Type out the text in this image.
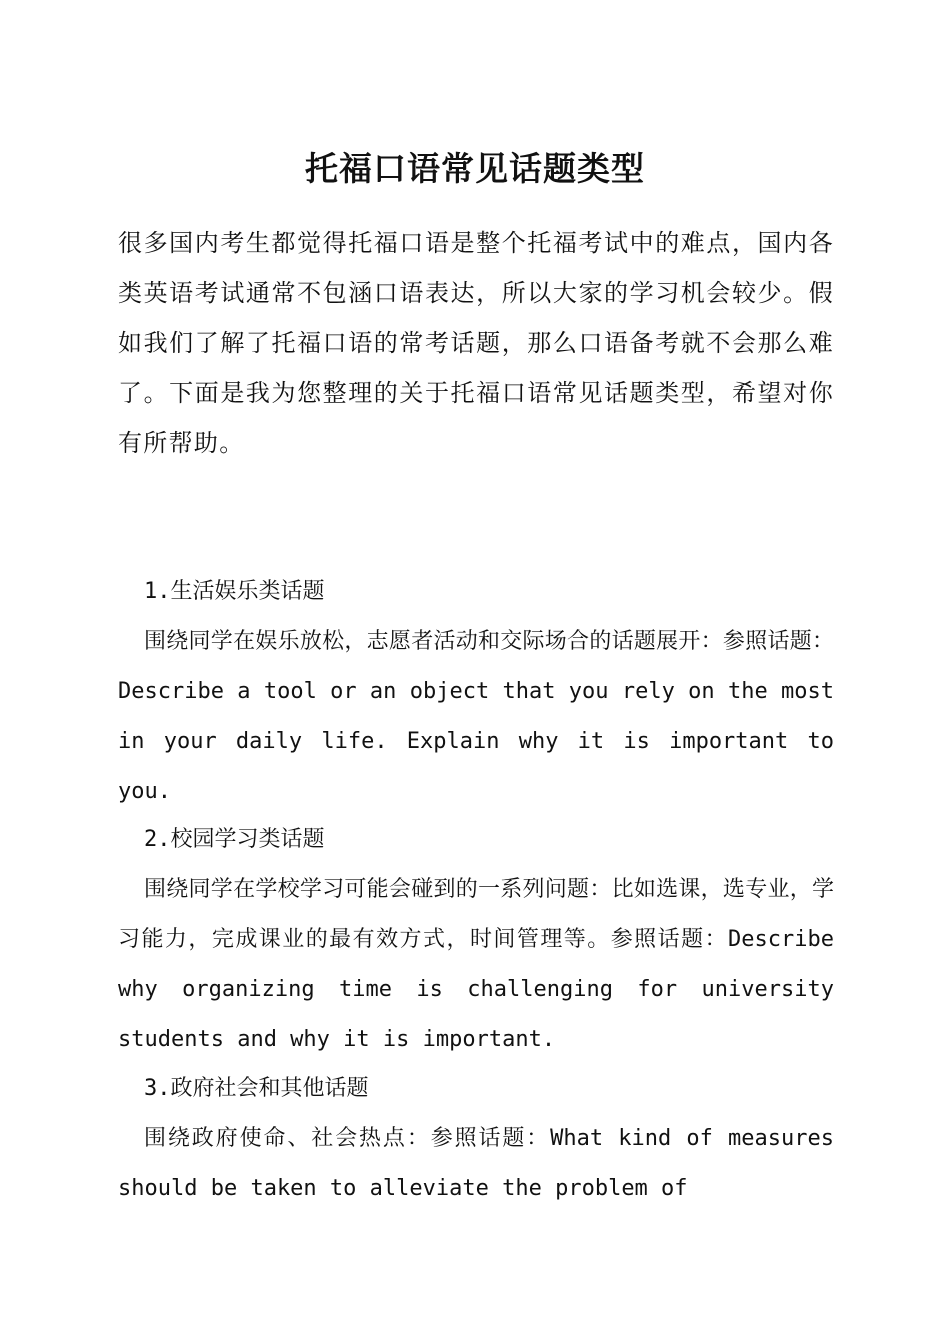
托福口语常见话题类型

很多国内考生都觉得托福口语是整个托福考试中的难点，国内各类英语考试通常不包涵口语表达，所以大家的学习机会较少。假如我们了解了托福口语的常考话题，那么口语备考就不会那么难了。下面是我为您整理的关于托福口语常见话题类型，希望对你有所帮助。

1.生活娱乐类话题
围绕同学在娱乐放松，志愿者活动和交际场合的话题展开：参照话题：Describe a tool or an object that you rely on the most in your daily life. Explain why it is important to you.
2.校园学习类话题
围绕同学在学校学习可能会碰到的一系列问题：比如选课，选专业，学习能力，完成课业的最有效方式，时间管理等。参照话题：Describe why organizing time is challenging for university students and why it is important.
3.政府社会和其他话题
围绕政府使命、社会热点：参照话题：What kind of measures should be taken to alleviate the problem of
